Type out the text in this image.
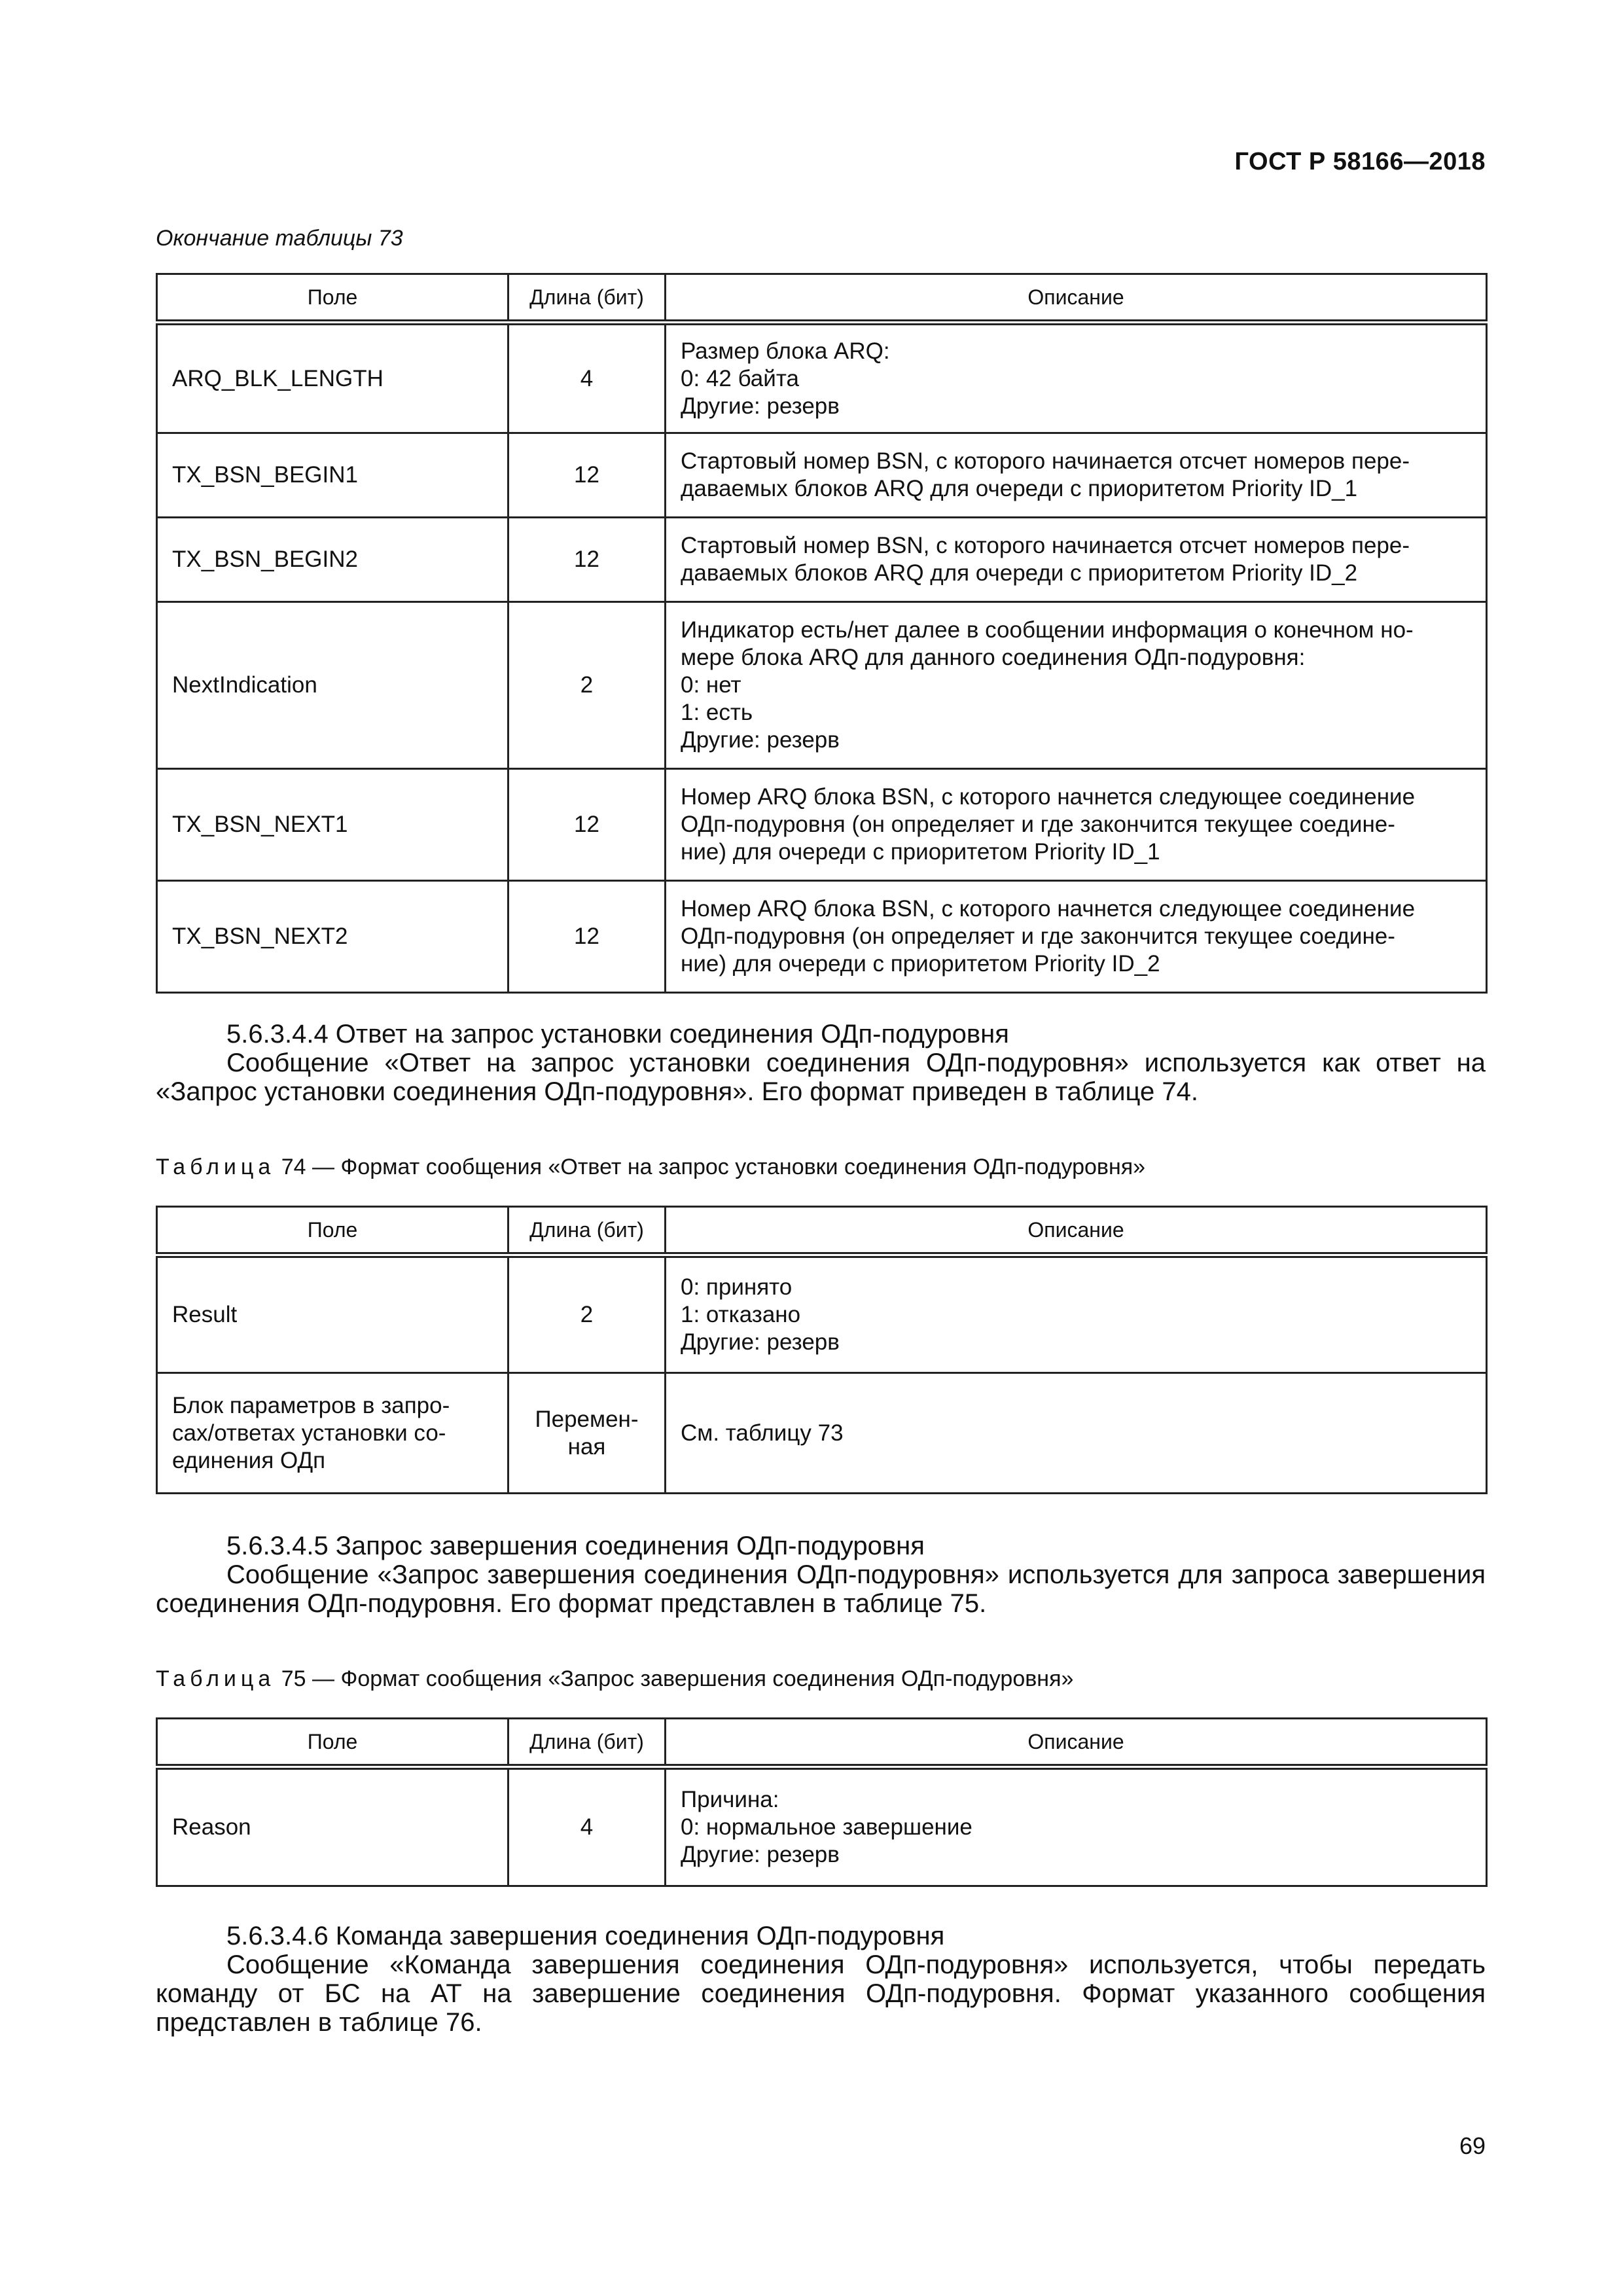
ГОСТ Р 58166—2018
Окончание таблицы 73
Поле	Длина (бит)	Описание
ARQ_BLK_LENGTH	4	Размер блока ARQ:
0: 42 байта
Другие: резерв
TX_BSN_BEGIN1	12	Стартовый номер BSN, с которого начинается отсчет номеров пере-
даваемых блоков ARQ для очереди с приоритетом Priority ID_1
TX_BSN_BEGIN2	12	Стартовый номер BSN, с которого начинается отсчет номеров пере-
даваемых блоков ARQ для очереди с приоритетом Priority ID_2
NextIndication	2	Индикатор есть/нет далее в сообщении информация о конечном но-
мере блока ARQ для данного соединения ОДп-подуровня:
0: нет
1: есть
Другие: резерв
TX_BSN_NEXT1	12	Номер ARQ блока BSN, с которого начнется следующее соединение
ОДп-подуровня (он определяет и где закончится текущее соедине-
ние) для очереди с приоритетом Priority ID_1
TX_BSN_NEXT2	12	Номер ARQ блока BSN, с которого начнется следующее соединение
ОДп-подуровня (он определяет и где закончится текущее соедине-
ние) для очереди с приоритетом Priority ID_2
5.6.3.4.4 Ответ на запрос установки соединения ОДп-подуровня
Сообщение «Ответ на запрос установки соединения ОДп-подуровня» используется как ответ на «Запрос установки соединения ОДп-подуровня». Его формат приведен в таблице 74.
Таблица 74 — Формат сообщения «Ответ на запрос установки соединения ОДп-подуровня»
Поле	Длина (бит)	Описание
Result	2	0: принято
1: отказано
Другие: резерв
Блок параметров в запро-
сах/ответах установки со-
единения ОДп	Перемен-
ная	См. таблицу 73
5.6.3.4.5 Запрос завершения соединения ОДп-подуровня
Сообщение «Запрос завершения соединения ОДп-подуровня» используется для запроса завершения соединения ОДп-подуровня. Его формат представлен в таблице 75.
Таблица 75 — Формат сообщения «Запрос завершения соединения ОДп-подуровня»
Поле	Длина (бит)	Описание
Reason	4	Причина:
0: нормальное завершение
Другие: резерв
5.6.3.4.6 Команда завершения соединения ОДп-подуровня
Сообщение «Команда завершения соединения ОДп-подуровня» используется, чтобы передать команду от БС на АТ на завершение соединения ОДп-подуровня. Формат указанного сообщения представлен в таблице 76.
69
